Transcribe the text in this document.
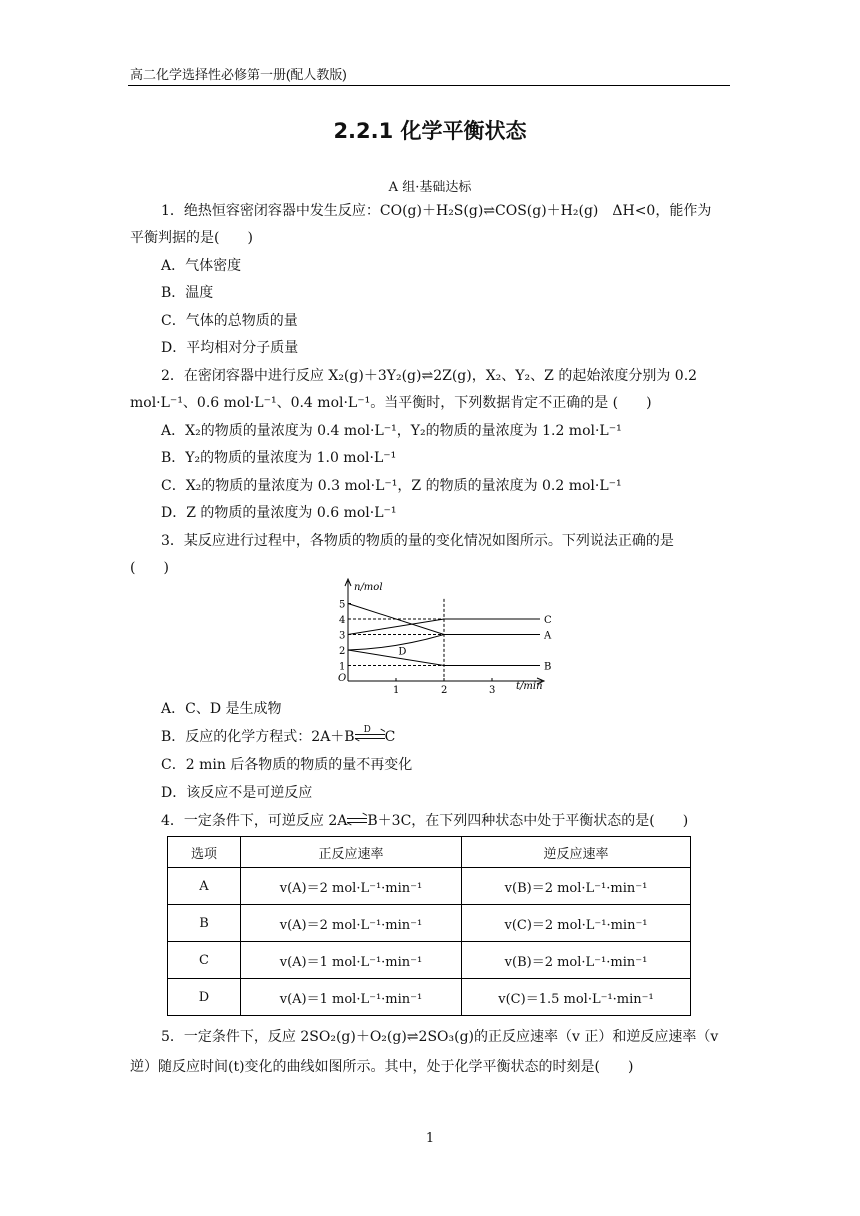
高二化学选择性必修第一册(配人教版)
2.2.1 化学平衡状态
A 组·基础达标
1．绝热恒容密闭容器中发生反应：CO(g)＋H₂S(g)⇌COS(g)＋H₂(g)　ΔH<0，能作为
平衡判据的是(　　)
A．气体密度
B．温度
C．气体的总物质的量
D．平均相对分子质量
2．在密闭容器中进行反应 X₂(g)＋3Y₂(g)⇌2Z(g)，X₂、Y₂、Z 的起始浓度分别为 0.2
mol·L⁻¹、0.6 mol·L⁻¹、0.4 mol·L⁻¹。当平衡时，下列数据肯定不正确的是 (　　)
A．X₂的物质的量浓度为 0.4 mol·L⁻¹，Y₂的物质的量浓度为 1.2 mol·L⁻¹
B．Y₂的物质的量浓度为 1.0 mol·L⁻¹
C．X₂的物质的量浓度为 0.3 mol·L⁻¹，Z 的物质的量浓度为 0.2 mol·L⁻¹
D．Z 的物质的量浓度为 0.6 mol·L⁻¹
3．某反应进行过程中，各物质的物质的量的变化情况如图所示。下列说法正确的是
(　　)
n/mol
t/min
O
1
2
3
4
5
1	2	3
C
A
B
D
A．C、D 是生成物
B．反应的化学方程式：2A＋B D C
C．2 min 后各物质的物质的量不再变化
D．该反应不是可逆反应
4．一定条件下，可逆反应 2A B＋3C，在下列四种状态中处于平衡状态的是(　　)
选项	正反应速率	逆反应速率
A	v(A)＝2 mol·L⁻¹·min⁻¹	v(B)＝2 mol·L⁻¹·min⁻¹
B	v(A)＝2 mol·L⁻¹·min⁻¹	v(C)＝2 mol·L⁻¹·min⁻¹
C	v(A)＝1 mol·L⁻¹·min⁻¹	v(B)＝2 mol·L⁻¹·min⁻¹
D	v(A)＝1 mol·L⁻¹·min⁻¹	v(C)＝1.5 mol·L⁻¹·min⁻¹
5．一定条件下，反应 2SO₂(g)＋O₂(g)⇌2SO₃(g)的正反应速率（v 正）和逆反应速率（v
逆）随反应时间(t)变化的曲线如图所示。其中，处于化学平衡状态的时刻是(　　)
1
